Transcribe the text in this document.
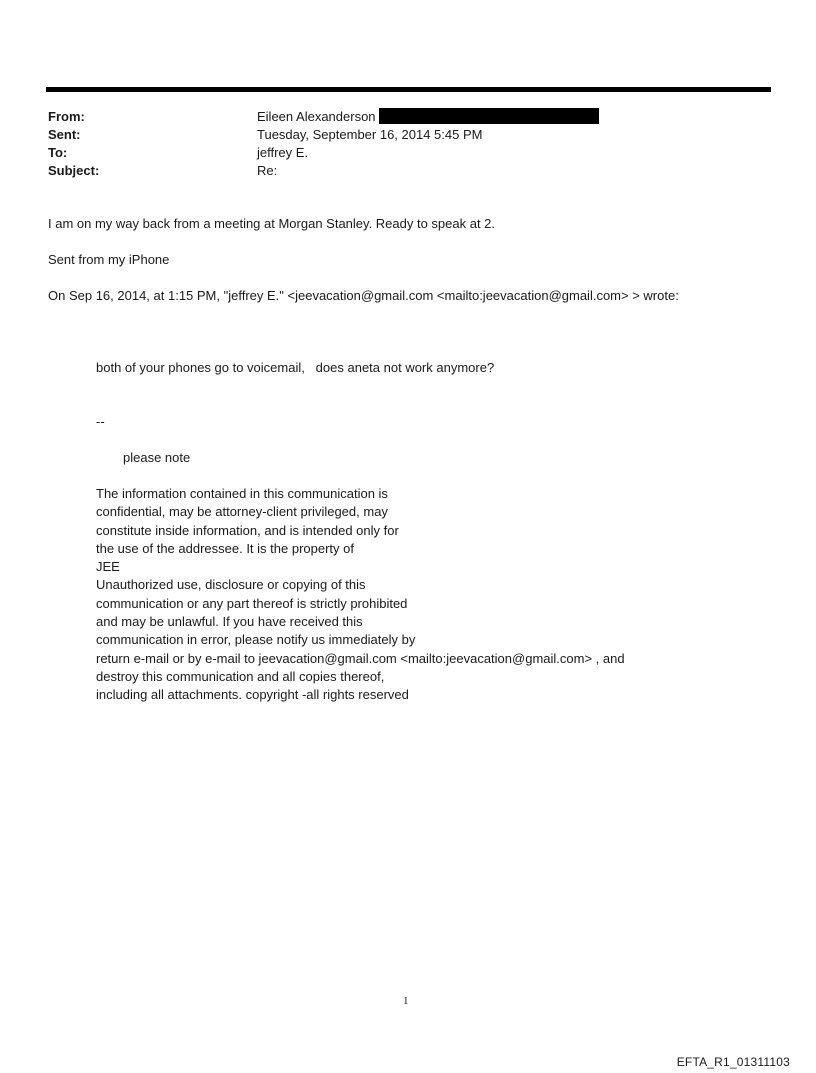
From:	Eileen Alexanderson
Sent:	Tuesday, September 16, 2014 5:45 PM
To:	jeffrey E.
Subject:	Re:
I am on my way back from a meeting at Morgan Stanley. Ready to speak at 2.
Sent from my iPhone
On Sep 16, 2014, at 1:15 PM, "jeffrey E." <jeevacation@gmail.com <mailto:jeevacation@gmail.com> > wrote:
both of your phones go to voicemail,   does aneta not work anymore?
--
please note
The information contained in this communication is
confidential, may be attorney-client privileged, may
constitute inside information, and is intended only for
the use of the addressee. It is the property of
JEE
Unauthorized use, disclosure or copying of this
communication or any part thereof is strictly prohibited
and may be unlawful. If you have received this
communication in error, please notify us immediately by
return e-mail or by e-mail to jeevacation@gmail.com <mailto:jeevacation@gmail.com> , and
destroy this communication and all copies thereof,
including all attachments. copyright -all rights reserved
1
EFTA_R1_01311103
